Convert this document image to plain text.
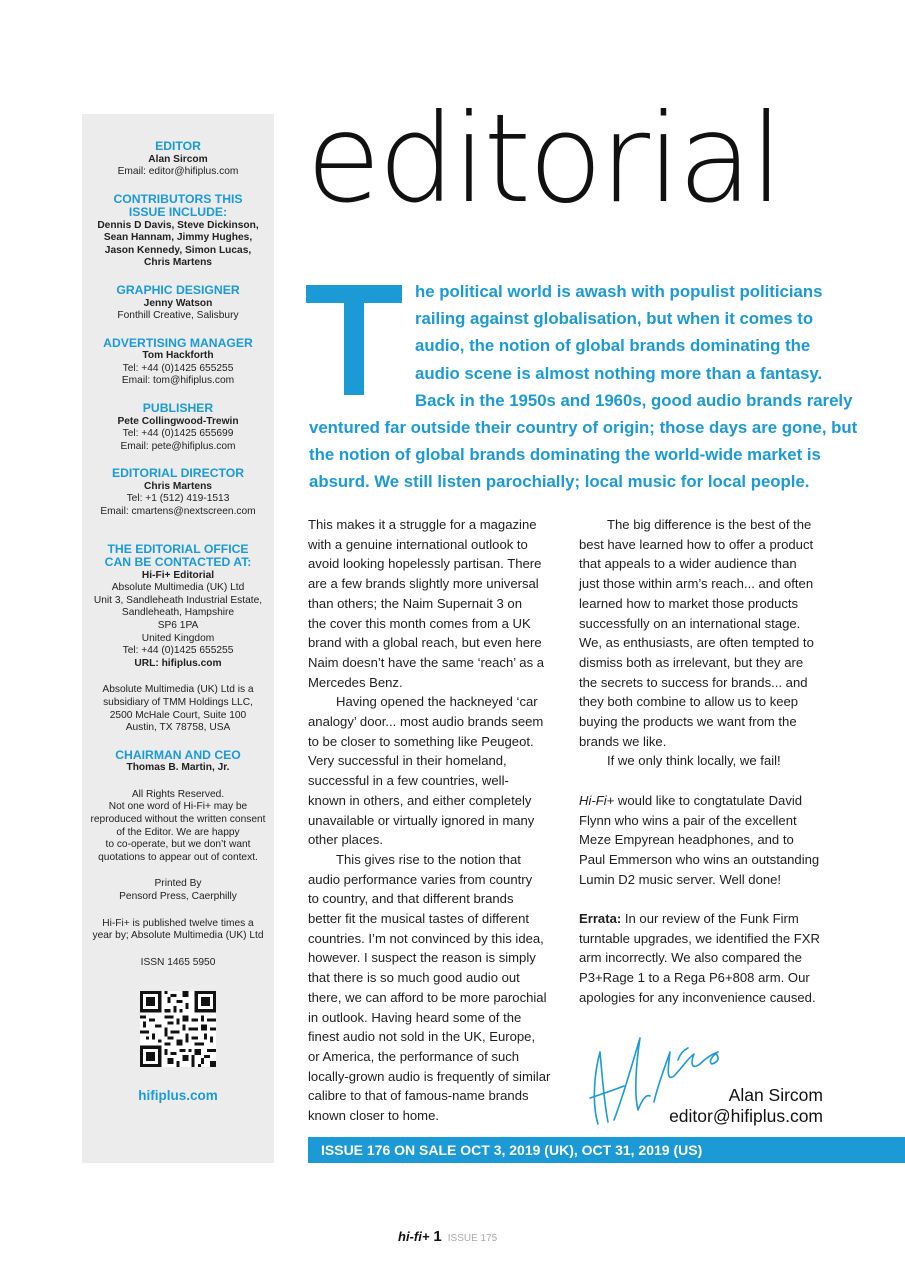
EDITOR
Alan Sircom
Email: editor@hifiplus.com
CONTRIBUTORS THIS
ISSUE INCLUDE:
Dennis D Davis, Steve Dickinson,
Sean Hannam, Jimmy Hughes,
Jason Kennedy, Simon Lucas,
Chris Martens
GRAPHIC DESIGNER
Jenny Watson
Fonthill Creative, Salisbury
ADVERTISING MANAGER
Tom Hackforth
Tel: +44 (0)1425 655255
Email: tom@hifiplus.com
PUBLISHER
Pete Collingwood-Trewin
Tel: +44 (0)1425 655699
Email: pete@hifiplus.com
EDITORIAL DIRECTOR
Chris Martens
Tel: +1 (512) 419-1513
Email: cmartens@nextscreen.com
THE EDITORIAL OFFICE
CAN BE CONTACTED AT:
Hi-Fi+ Editorial
Absolute Multimedia (UK) Ltd
Unit 3, Sandleheath Industrial Estate,
Sandleheath, Hampshire
SP6 1PA
United Kingdom
Tel: +44 (0)1425 655255
URL: hifiplus.com
Absolute Multimedia (UK) Ltd is a
subsidiary of TMM Holdings LLC,
2500 McHale Court, Suite 100
Austin, TX 78758, USA
CHAIRMAN AND CEO
Thomas B. Martin, Jr.
All Rights Reserved.
Not one word of Hi-Fi+ may be
reproduced without the written consent
of the Editor. We are happy
to co-operate, but we don’t want
quotations to appear out of context.
Printed By
Pensord Press, Caerphilly
Hi-Fi+ is published twelve times a
year by; Absolute Multimedia (UK) Ltd
ISSN 1465 5950
hifiplus.com
editorial
he political world is awash with populist politicians
railing against globalisation, but when it comes to
audio, the notion of global brands dominating the
audio scene is almost nothing more than a fantasy.
Back in the 1950s and 1960s, good audio brands rarely
ventured far outside their country of origin; those days are gone, but
the notion of global brands dominating the world-wide market is
absurd. We still listen parochially; local music for local people.

This makes it a struggle for a magazine

with a genuine international outlook to

avoid looking hopelessly partisan. There

are a few brands slightly more universal

than others; the Naim Supernait 3 on

the cover this month comes from a UK

brand with a global reach, but even here

Naim doesn’t have the same ‘reach’ as a

Mercedes Benz.

Having opened the hackneyed ‘car

analogy’ door... most audio brands seem

to be closer to something like Peugeot.

Very successful in their homeland,

successful in a few countries, well-

known in others, and either completely

unavailable or virtually ignored in many

other places.

This gives rise to the notion that

audio performance varies from country

to country, and that different brands

better fit the musical tastes of different

countries. I’m not convinced by this idea,

however. I suspect the reason is simply

that there is so much good audio out

there, we can afford to be more parochial

in outlook. Having heard some of the

finest audio not sold in the UK, Europe,

or America, the performance of such

locally-grown audio is frequently of similar

calibre to that of famous-name brands

known closer to home.

The big difference is the best of the

best have learned how to offer a product

that appeals to a wider audience than

just those within arm’s reach... and often

learned how to market those products

successfully on an international stage.

We, as enthusiasts, are often tempted to

dismiss both as irrelevant, but they are

the secrets to success for brands... and

they both combine to allow us to keep

buying the products we want from the

brands we like.

If we only think locally, we fail!

Hi-Fi+ would like to congtatulate David

Flynn who wins a pair of the excellent

Meze Empyrean headphones, and to

Paul Emmerson who wins an outstanding

Lumin D2 music server. Well done!

Errata: In our review of the Funk Firm

turntable upgrades, we identified the FXR

arm incorrectly. We also compared the

P3+Rage 1 to a Rega P6+808 arm. Our

apologies for any inconvenience caused.

Alan Sircom
editor@hifiplus.com
ISSUE 176 ON SALE OCT 3, 2019 (UK), OCT 31, 2019 (US)
hi-fi+ 1 ISSUE 175
